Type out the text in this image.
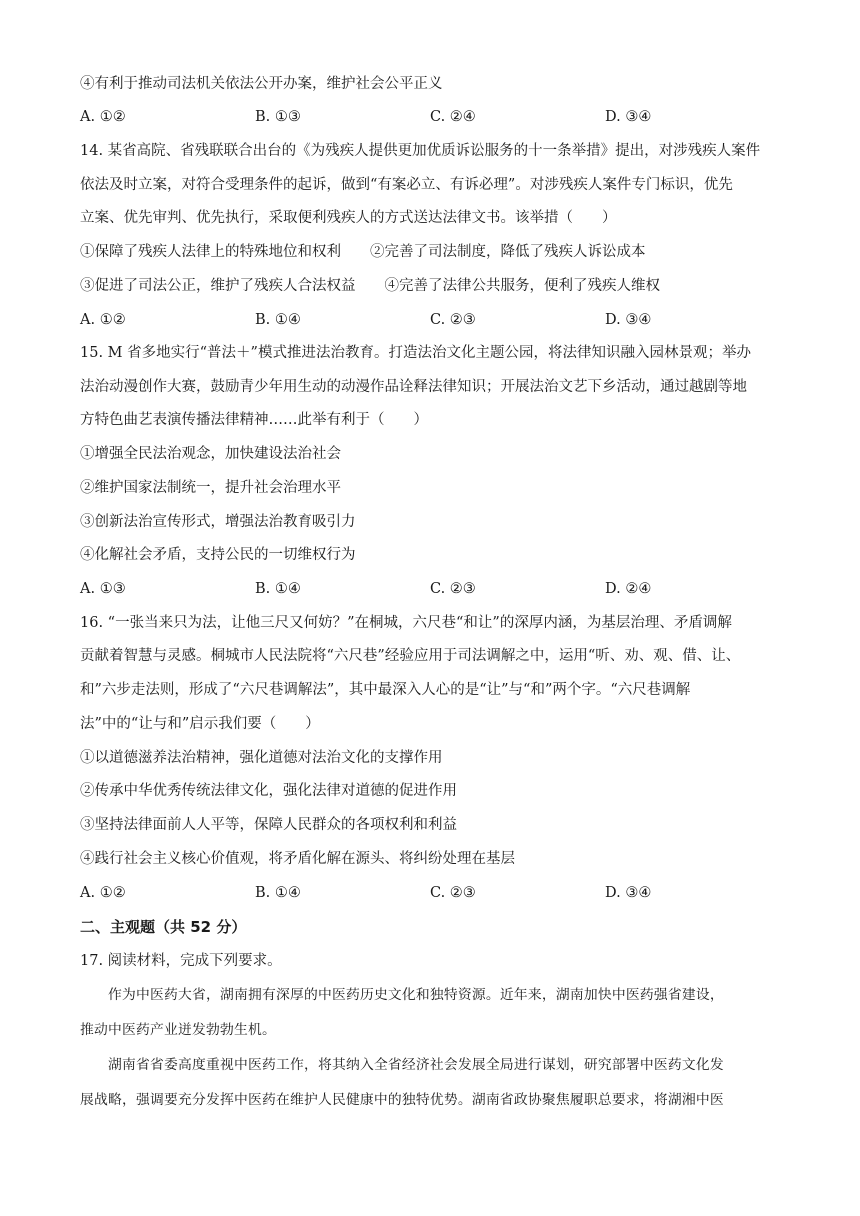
④有利于推动司法机关依法公开办案，维护社会公平正义
A. ①②	B. ①③	C. ②④	D. ③④
14. 某省高院、省残联联合出台的《为残疾人提供更加优质诉讼服务的十一条举措》提出，对涉残疾人案件
依法及时立案，对符合受理条件的起诉，做到“有案必立、有诉必理”。对涉残疾人案件专门标识，优先
立案、优先审判、优先执行，采取便利残疾人的方式送达法律文书。该举措（　　）
①保障了残疾人法律上的特殊地位和权利　　②完善了司法制度，降低了残疾人诉讼成本
③促进了司法公正，维护了残疾人合法权益　　④完善了法律公共服务，便利了残疾人维权
A. ①②	B. ①④	C. ②③	D. ③④
15. M 省多地实行“普法＋”模式推进法治教育。打造法治文化主题公园，将法律知识融入园林景观；举办
法治动漫创作大赛，鼓励青少年用生动的动漫作品诠释法律知识；开展法治文艺下乡活动，通过越剧等地
方特色曲艺表演传播法律精神……此举有利于（　　）
①增强全民法治观念，加快建设法治社会
②维护国家法制统一，提升社会治理水平
③创新法治宣传形式，增强法治教育吸引力
④化解社会矛盾，支持公民的一切维权行为
A. ①③	B. ①④	C. ②③	D. ②④
16. “一张当来只为法，让他三尺又何妨？”在桐城，六尺巷“和让”的深厚内涵，为基层治理、矛盾调解
贡献着智慧与灵感。桐城市人民法院将“六尺巷”经验应用于司法调解之中，运用“听、劝、观、借、让、
和”六步走法则，形成了“六尺巷调解法”，其中最深入人心的是“让”与“和”两个字。“六尺巷调解
法”中的“让与和”启示我们要（　　）
①以道德滋养法治精神，强化道德对法治文化的支撑作用
②传承中华优秀传统法律文化，强化法律对道德的促进作用
③坚持法律面前人人平等，保障人民群众的各项权利和利益
④践行社会主义核心价值观，将矛盾化解在源头、将纠纷处理在基层
A. ①②	B. ①④	C. ②③	D. ③④
二、主观题（共 52 分）
17. 阅读材料，完成下列要求。
作为中医药大省，湖南拥有深厚的中医药历史文化和独特资源。近年来，湖南加快中医药强省建设，
推动中医药产业迸发勃勃生机。
湖南省省委高度重视中医药工作，将其纳入全省经济社会发展全局进行谋划，研究部署中医药文化发
展战略，强调要充分发挥中医药在维护人民健康中的独特优势。湖南省政协聚焦履职总要求，将湖湘中医
